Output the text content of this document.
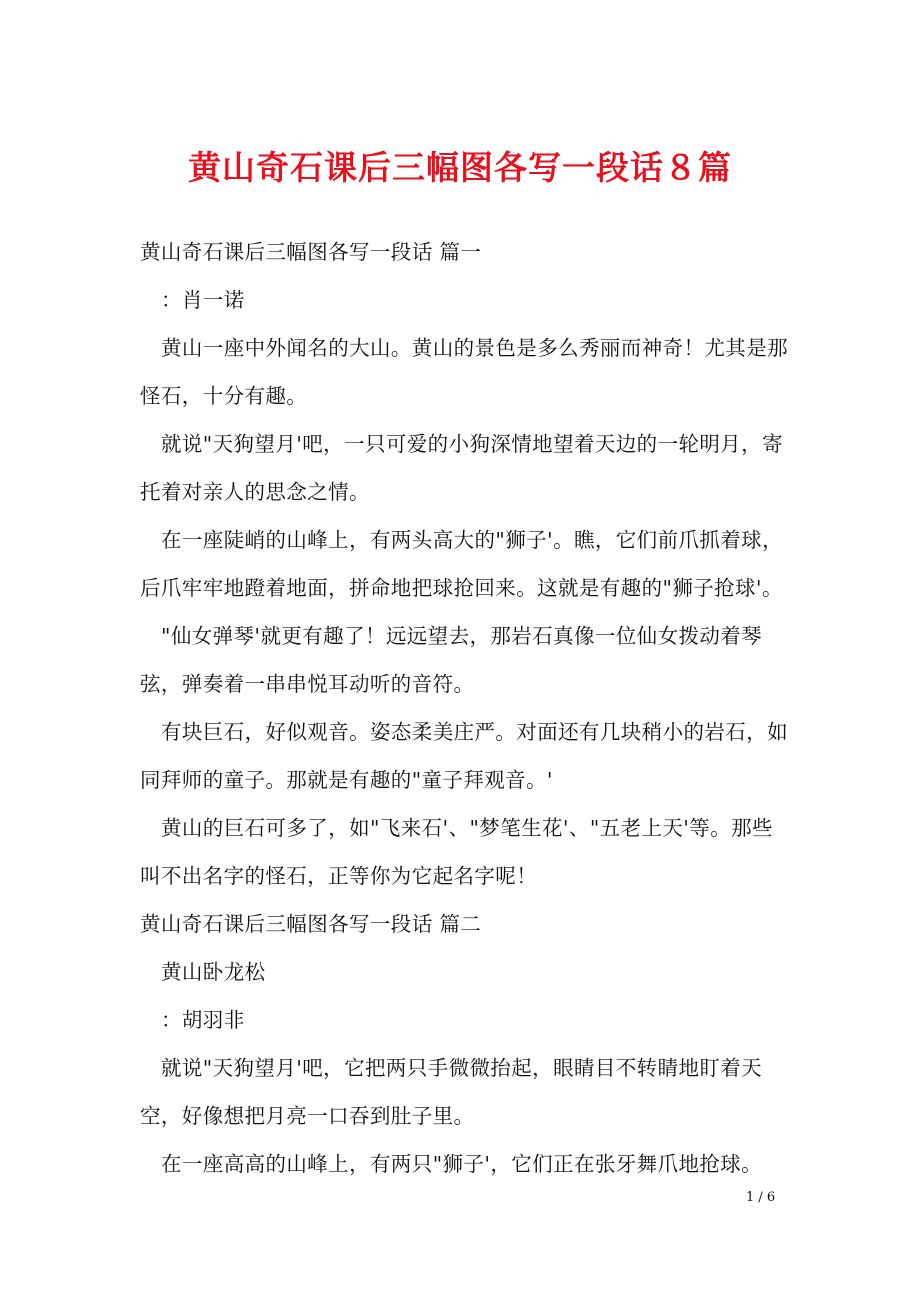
黄山奇石课后三幅图各写一段话８篇

黄山奇石课后三幅图各写一段话 篇一

：肖一诺

黄山一座中外闻名的大山。黄山的景色是多么秀丽而神奇！尤其是那怪石，十分有趣。

就说"天狗望月'吧，一只可爱的小狗深情地望着天边的一轮明月，寄托着对亲人的思念之情。

在一座陡峭的山峰上，有两头高大的"狮子'。瞧，它们前爪抓着球，后爪牢牢地蹬着地面，拼命地把球抢回来。这就是有趣的"狮子抢球'。

"仙女弹琴'就更有趣了！远远望去，那岩石真像一位仙女拨动着琴弦，弹奏着一串串悦耳动听的音符。

有块巨石，好似观音。姿态柔美庄严。对面还有几块稍小的岩石，如同拜师的童子。那就是有趣的"童子拜观音。'

黄山的巨石可多了，如"飞来石'、"梦笔生花'、"五老上天'等。那些叫不出名字的怪石，正等你为它起名字呢！

黄山奇石课后三幅图各写一段话 篇二

黄山卧龙松

：胡羽非

就说"天狗望月'吧，它把两只手微微抬起，眼睛目不转睛地盯着天空，好像想把月亮一口吞到肚子里。

在一座高高的山峰上，有两只"狮子'，它们正在张牙舞爪地抢球。

1 / 6
